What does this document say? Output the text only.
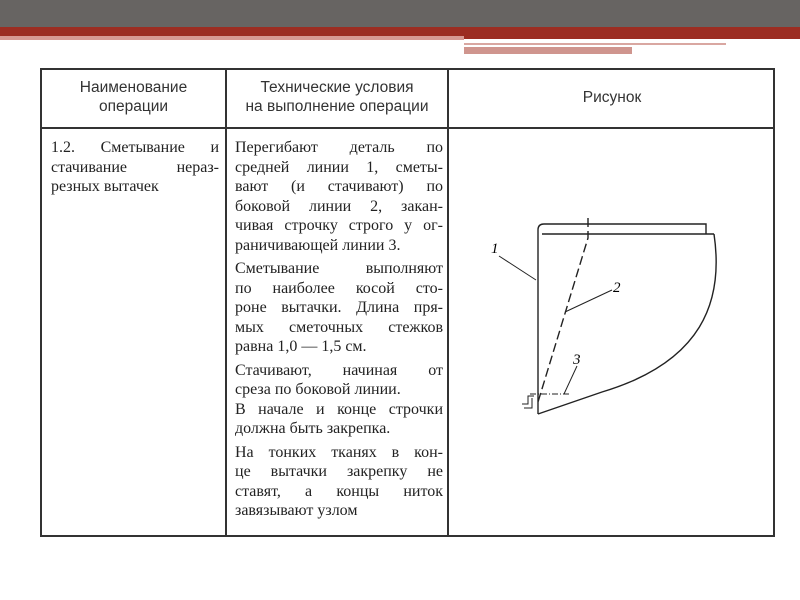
Наименование
операции
Технические условия
на выполнение операции
Рисунок
1.2. Сметывание и
стачивание нераз-
резных вытачек
Перегибают деталь по
средней линии 1, сметы-
вают (и стачивают) по
боковой линии 2, закан-
чивая строчку строго у ог-
раничивающей линии 3.
Сметывание выполняют
по наиболее косой сто-
роне вытачки. Длина пря-
мых сметочных стежков
равна 1,0 — 1,5 см.
Стачивают, начиная от
среза по боковой линии.
В начале и конце строчки
должна быть закрепка.
На тонких тканях в кон-
це вытачки закрепку не
ставят, а концы ниток
завязывают узлом
1
2
3
